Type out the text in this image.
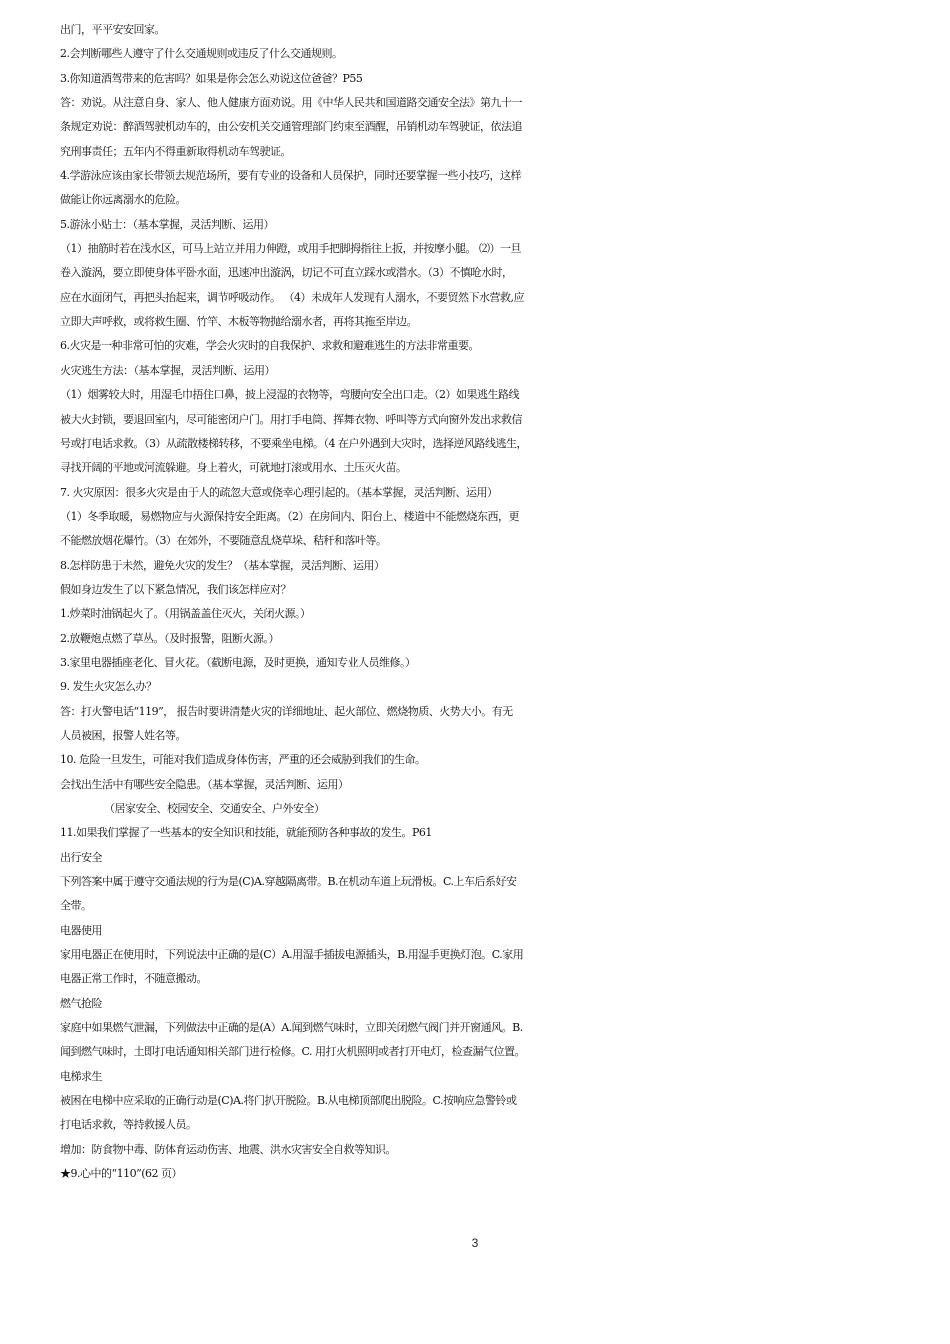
出门，平平安安回家。
2.会判断哪些人遵守了什么交通规则或违反了什么交通规则。
3.你知道酒驾带来的危害吗？如果是你会怎么劝说这位爸爸？P55
答：劝说。从注意自身、家人、他人健康方面劝说。用《中华人民共和国道路交通安全法》第九十一
条规定劝说：醉酒驾驶机动车的，由公安机关交通管理部门约束至酒醒，吊销机动车驾驶证，依法追
究刑事责任；五年内不得重新取得机动车驾驶证。
4.学游泳应该由家长带领去规范场所，要有专业的设备和人员保护，同时还要掌握一些小技巧，这样
做能让你远离溺水的危险。
5.游泳小贴士：（基本掌握，灵活判断、运用）
（1）抽筋时若在浅水区，可马上站立并用力伸蹬，或用手把脚拇指往上扳，并按摩小腿。 ⑵）一旦
卷入漩涡，要立即使身体平卧水面，迅速冲出漩涡，切记不可直立踩水或潜水。（3）不慎呛水时，
应在水面闭气，再把头抬起来，调节呼吸动作。 （4）未成年人发现有人溺水，不要贸然下水营救,应
立即大声呼救，或将救生圈、竹竿、木板等物抛给溺水者，再将其拖至岸边。
6.火灾是一种非常可怕的灾难，学会火灾时的自我保护、求救和避难逃生的方法非常重要。
火灾逃生方法：（基本掌握，灵活判断、运用）
（1）烟雾较大时，用湿毛巾捂住口鼻，披上浸湿的衣物等，弯腰向安全出口走。（2）如果逃生路线
被大火封锁，要退回室内，尽可能密闭户门。用打手电筒、挥舞衣物、呼叫等方式向窗外发出求救信
号或打电话求救。（3）从疏散楼梯转移，不要乘坐电梯。（4 在户外遇到大灾时，选择逆风路线逃生，
寻找开阔的平地或河流躲避。身上着火，可就地打滚或用水、土压灭火苗。
7. 火灾原因：很多火灾是由于人的疏忽大意或侥幸心理引起的。（基本掌握，灵活判断、运用）
（1）冬季取暖，易燃物应与火源保持安全距离。（2）在房间内、阳台上、楼道中不能燃烧东西，更
不能燃放烟花爆竹。（3）在郊外，不要随意乱烧草垛、秸秆和落叶等。
8.怎样防患于未然，避免火灾的发生？（基本掌握，灵活判断、运用）
假如身边发生了以下紧急情况，我们该怎样应对？
1.炒菜时油锅起火了。（用锅盖盖住灭火，关闭火源。）
2.放鞭炮点燃了草丛。（及时报警，阻断火源。）
3.家里电器插座老化、冒火花。（截断电源，及时更换，通知专业人员维修。）
9. 发生火灾怎么办？
答：打火警电话“119”， 报告时要讲清楚火灾的详细地址、起火部位、燃烧物质、火势大小。有无
人员被困，报警人姓名等。
10. 危险一旦发生，可能对我们造成身体伤害，严重的还会威胁到我们的生命。
会找出生活中有哪些安全隐患。（基本掌握，灵活判断、运用）
（居家安全、校园安全、交通安全、户外安全）
11.如果我们掌握了一些基本的安全知识和技能，就能预防各种事故的发生。P61
出行安全
下列答案中属于遵守交通法规的行为是(C)A.穿越隔离带。B.在机动车道上玩滑板。C.上车后系好安
全带。
电器使用
家用电器正在使用时，下列说法中正确的是(C）A.用湿手插拔电源插头，B.用湿手更换灯泡。C.家用
电器正常工作时，不随意搬动。
燃气抢险
家庭中如果燃气泄漏，下列做法中正确的是(A）A.闻到燃气味时，立即关闭燃气阀门并开窗通风。B.
闻到燃气味时，土即打电话通知相关部门进行检修。C. 用打火机照明或者打开电灯，检查漏气位置。
电梯求生
被困在电梯中应采取的正确行动是(C)A.将门扒开脱险。B.从电梯顶部爬出脱险。C.按响应急警铃或
打电话求救，等持救援人员。
增加：防食物中毒、防体育运动伤害、地震、洪水灾害安全自救等知识。
★9.心中的“110”(62 页）
3
